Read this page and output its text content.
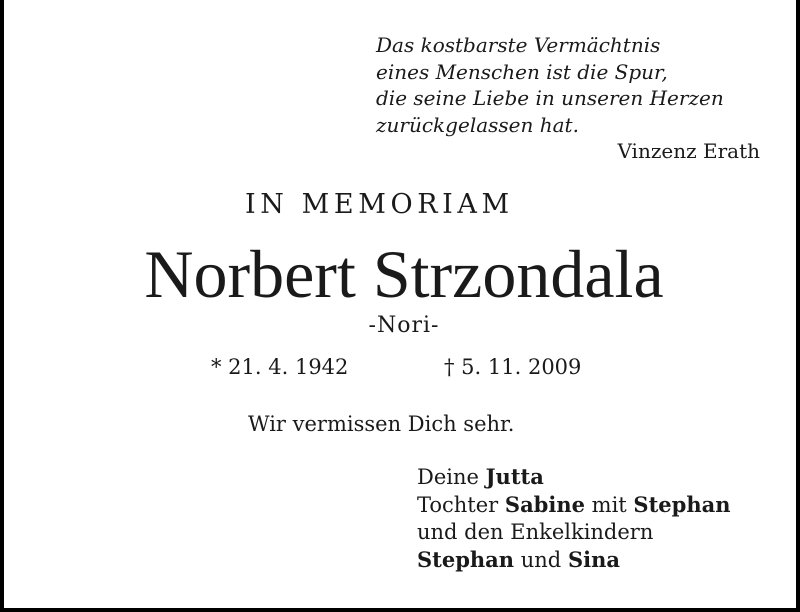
Das kostbarste Vermächtnis
eines Menschen ist die Spur,
die seine Liebe in unseren Herzen
zurückgelassen hat.
Vinzenz Erath
IN MEMORIAM
Norbert Strzondala
-Nori-
* 21. 4. 1942	† 5. 11. 2009
Wir vermissen Dich sehr.
Deine Jutta
Tochter Sabine mit Stephan
und den Enkelkindern
Stephan und Sina
